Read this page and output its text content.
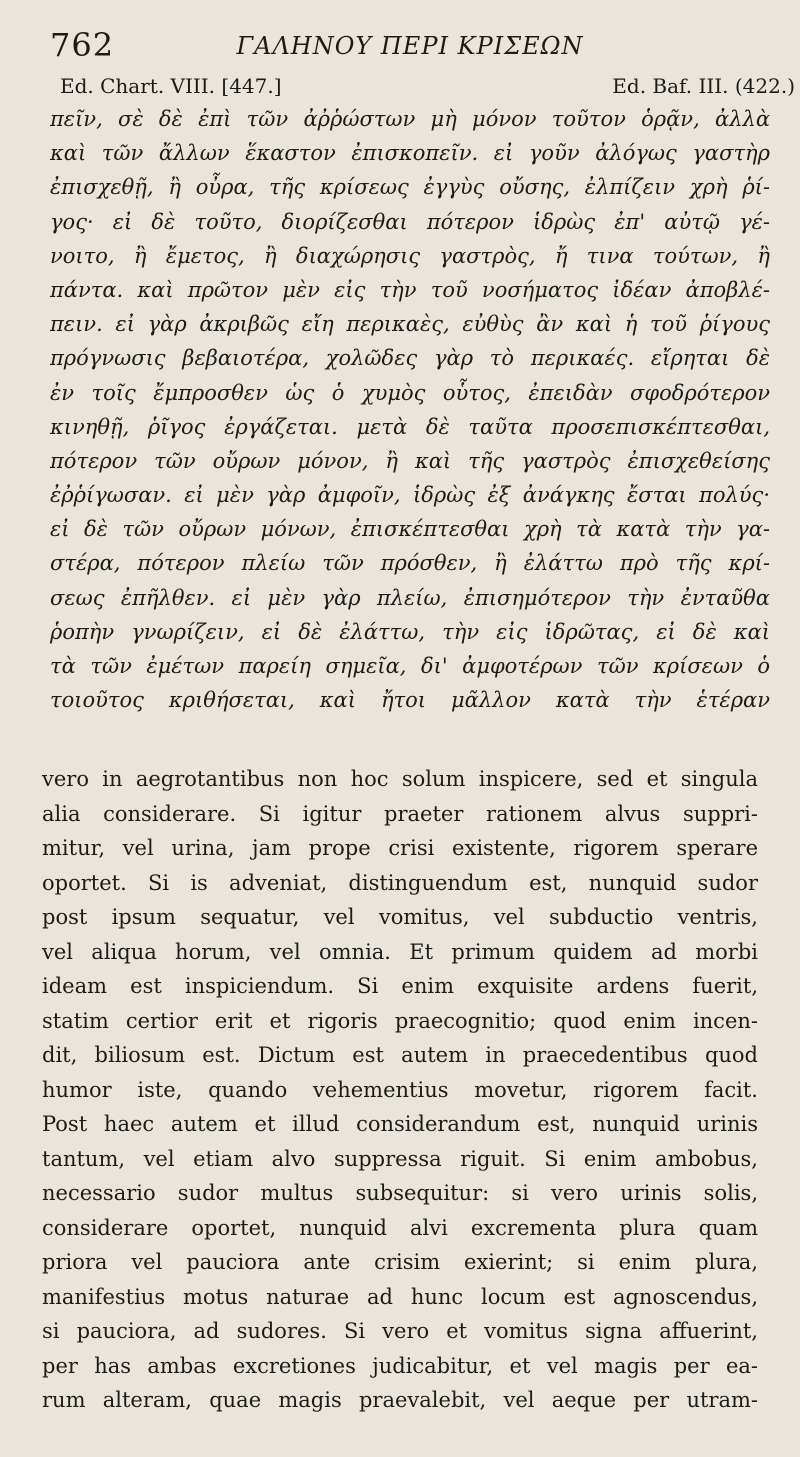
762	ΓΑΛΗΝΟΥ ΠΕΡΙ ΚΡΙΣΕΩΝ
Ed. Chart. VIII. [447.]	Ed. Baf. III. (422.)
πεῖν, σὲ δὲ ἐπὶ τῶν ἀῤῥώστων μὴ μόνον τοῦτον ὁρᾷν, ἀλλὰ
καὶ τῶν ἄλλων ἕκαστον ἐπισκοπεῖν. εἰ γοῦν ἀλόγως γαστὴρ
ἐπισχεθῇ, ἢ οὖρα, τῆς κρίσεως ἐγγὺς οὔσης, ἐλπίζειν χρὴ ῥί-
γος· εἰ δὲ τοῦτο, διορίζεσθαι πότερον ἱδρὼς ἐπ' αὐτῷ γέ-
νοιτο, ἢ ἔμετος, ἢ διαχώρησις γαστρὸς, ἤ τινα τούτων, ἢ
πάντα. καὶ πρῶτον μὲν εἰς τὴν τοῦ νοσήματος ἰδέαν ἀποβλέ-
πειν. εἰ γὰρ ἀκριβῶς εἴη περικαὲς, εὐθὺς ἂν καὶ ἡ τοῦ ῥίγους
πρόγνωσις βεβαιοτέρα, χολῶδες γὰρ τὸ περικαές. εἴρηται δὲ
ἐν τοῖς ἔμπροσθεν ὡς ὁ χυμὸς οὗτος, ἐπειδὰν σφοδρότερον
κινηθῇ, ῥῖγος ἐργάζεται. μετὰ δὲ ταῦτα προσεπισκέπτεσθαι,
πότερον τῶν οὔρων μόνον, ἢ καὶ τῆς γαστρὸς ἐπισχεθείσης
ἐῤῥίγωσαν. εἰ μὲν γὰρ ἀμφοῖν, ἱδρὼς ἐξ ἀνάγκης ἔσται πολύς·
εἰ δὲ τῶν οὔρων μόνων, ἐπισκέπτεσθαι χρὴ τὰ κατὰ τὴν γα-
στέρα, πότερον πλείω τῶν πρόσθεν, ἢ ἐλάττω πρὸ τῆς κρί-
σεως ἐπῆλθεν. εἰ μὲν γὰρ πλείω, ἐπισημότερον τὴν ἐνταῦθα
ῥοπὴν γνωρίζειν, εἰ δὲ ἐλάττω, τὴν εἰς ἱδρῶτας, εἰ δὲ καὶ
τὰ τῶν ἐμέτων παρείη σημεῖα, δι' ἀμφοτέρων τῶν κρίσεων ὁ
τοιοῦτος κριθήσεται, καὶ ἤτοι μᾶλλον κατὰ τὴν ἑτέραν
vero in aegrotantibus non hoc solum inspicere, sed et singula
alia considerare. Si igitur praeter rationem alvus suppri-
mitur, vel urina, jam prope crisi existente, rigorem sperare
oportet. Si is adveniat, distinguendum est, nunquid sudor
post ipsum sequatur, vel vomitus, vel subductio ventris,
vel aliqua horum, vel omnia. Et primum quidem ad morbi
ideam est inspiciendum. Si enim exquisite ardens fuerit,
statim certior erit et rigoris praecognitio; quod enim incen-
dit, biliosum est. Dictum est autem in praecedentibus quod
humor iste, quando vehementius movetur, rigorem facit.
Post haec autem et illud considerandum est, nunquid urinis
tantum, vel etiam alvo suppressa riguit. Si enim ambobus,
necessario sudor multus subsequitur: si vero urinis solis,
considerare oportet, nunquid alvi excrementa plura quam
priora vel pauciora ante crisim exierint; si enim plura,
manifestius motus naturae ad hunc locum est agnoscendus,
si pauciora, ad sudores. Si vero et vomitus signa affuerint,
per has ambas excretiones judicabitur, et vel magis per ea-
rum alteram, quae magis praevalebit, vel aeque per utram-
